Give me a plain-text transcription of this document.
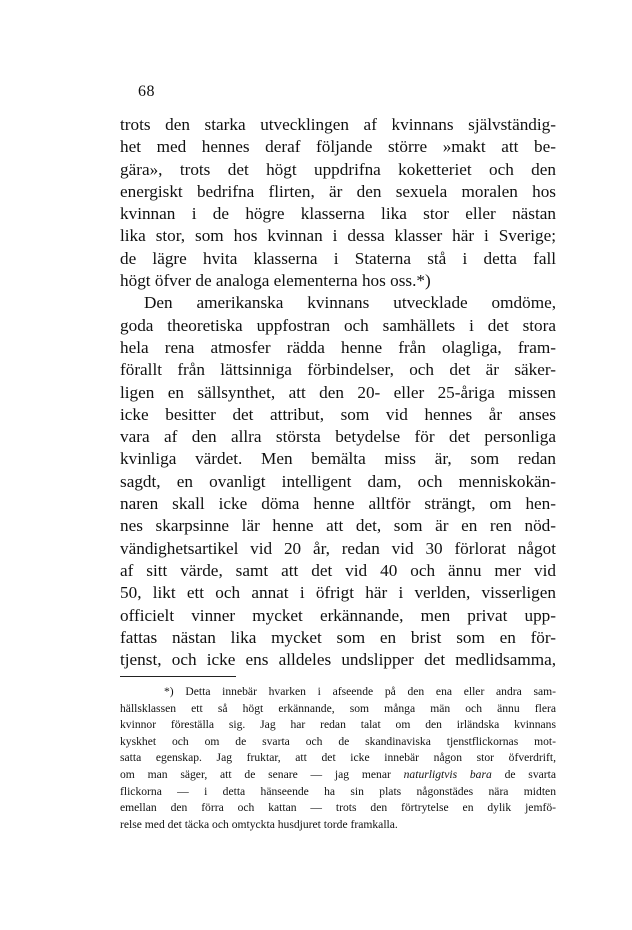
68
trots den starka utvecklingen af kvinnans självständig-
het med hennes deraf följande större »makt att be-
gära», trots det högt uppdrifna koketteriet och den
energiskt bedrifna flirten, är den sexuela moralen hos
kvinnan i de högre klasserna lika stor eller nästan
lika stor, som hos kvinnan i dessa klasser här i Sverige;
de lägre hvita klasserna i Staterna stå i detta fall
högt öfver de analoga elementerna hos oss.*)
Den amerikanska kvinnans utvecklade omdöme,
goda theoretiska uppfostran och samhällets i det stora
hela rena atmosfer rädda henne från olagliga, fram-
förallt från lättsinniga förbindelser, och det är säker-
ligen en sällsynthet, att den 20- eller 25-åriga missen
icke besitter det attribut, som vid hennes år anses
vara af den allra största betydelse för det personliga
kvinliga värdet. Men bemälta miss är, som redan
sagdt, en ovanligt intelligent dam, och menniskokän-
naren skall icke döma henne alltför strängt, om hen-
nes skarpsinne lär henne att det, som är en ren nöd-
vändighetsartikel vid 20 år, redan vid 30 förlorat något
af sitt värde, samt att det vid 40 och ännu mer vid
50, likt ett och annat i öfrigt här i verlden, visserligen
officielt vinner mycket erkännande, men privat upp-
fattas nästan lika mycket som en brist som en för-
tjenst, och icke ens alldeles undslipper det medlidsamma,
*) Detta innebär hvarken i afseende på den ena eller andra sam-
hällsklassen ett så högt erkännande, som många män och ännu flera
kvinnor föreställa sig. Jag har redan talat om den irländska kvinnans
kyskhet och om de svarta och de skandinaviska tjenstflickornas mot-
satta egenskap. Jag fruktar, att det icke innebär någon stor öfverdrift,
om man säger, att de senare — jag menar naturligtvis bara de svarta
flickorna — i detta hänseende ha sin plats någonstädes nära midten
emellan den förra och kattan — trots den förtrytelse en dylik jemfö-
relse med det täcka och omtyckta husdjuret torde framkalla.
